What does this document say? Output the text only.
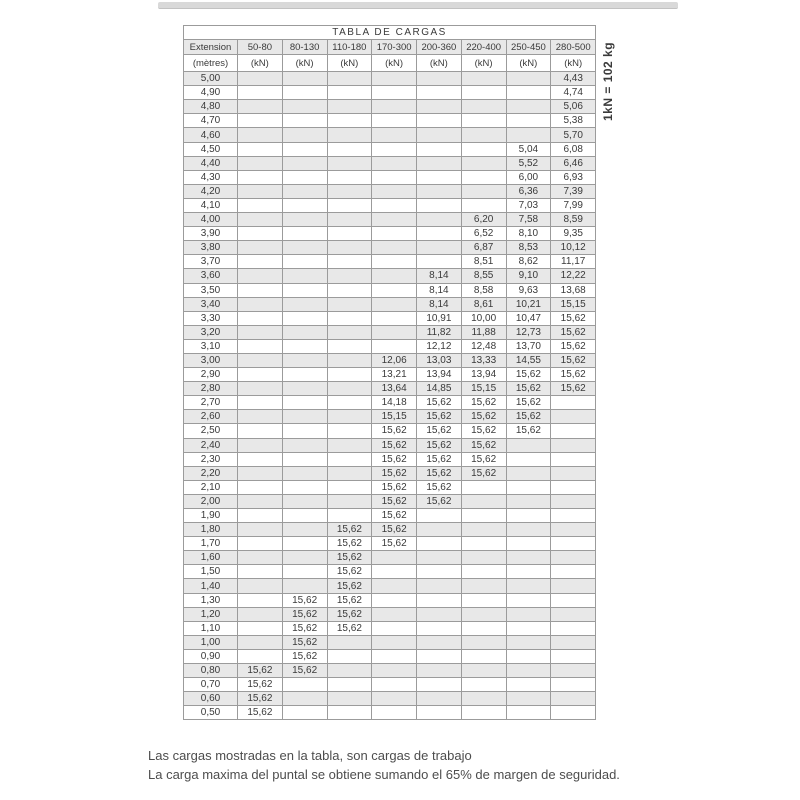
TABLA DE CARGAS								
Extension	50-80	80-130	110-180	170-300	200-360	220-400	250-450	280-500
(mètres)	(kN)	(kN)	(kN)	(kN)	(kN)	(kN)	(kN)	(kN)
5,00								4,43
4,90								4,74
4,80								5,06
4,70								5,38
4,60								5,70
4,50							5,04	6,08
4,40							5,52	6,46
4,30							6,00	6,93
4,20							6,36	7,39
4,10							7,03	7,99
4,00						6,20	7,58	8,59
3,90						6,52	8,10	9,35
3,80						6,87	8,53	10,12
3,70						8,51	8,62	11,17
3,60					8,14	8,55	9,10	12,22
3,50					8,14	8,58	9,63	13,68
3,40					8,14	8,61	10,21	15,15
3,30					10,91	10,00	10,47	15,62
3,20					11,82	11,88	12,73	15,62
3,10					12,12	12,48	13,70	15,62
3,00				12,06	13,03	13,33	14,55	15,62
2,90				13,21	13,94	13,94	15,62	15,62
2,80				13,64	14,85	15,15	15,62	15,62
2,70				14,18	15,62	15,62	15,62	
2,60				15,15	15,62	15,62	15,62	
2,50				15,62	15,62	15,62	15,62	
2,40				15,62	15,62	15,62		
2,30				15,62	15,62	15,62		
2,20				15,62	15,62	15,62		
2,10				15,62	15,62			
2,00				15,62	15,62			
1,90				15,62				
1,80			15,62	15,62				
1,70			15,62	15,62				
1,60			15,62					
1,50			15,62					
1,40			15,62					
1,30		15,62	15,62					
1,20		15,62	15,62					
1,10		15,62	15,62					
1,00		15,62						
0,90		15,62						
0,80	15,62	15,62						
0,70	15,62							
0,60	15,62							
0,50	15,62							
1kN = 102 kg
Las cargas mostradas en la tabla, son cargas de trabajo
La carga maxima del puntal se obtiene sumando el 65% de margen de seguridad.
